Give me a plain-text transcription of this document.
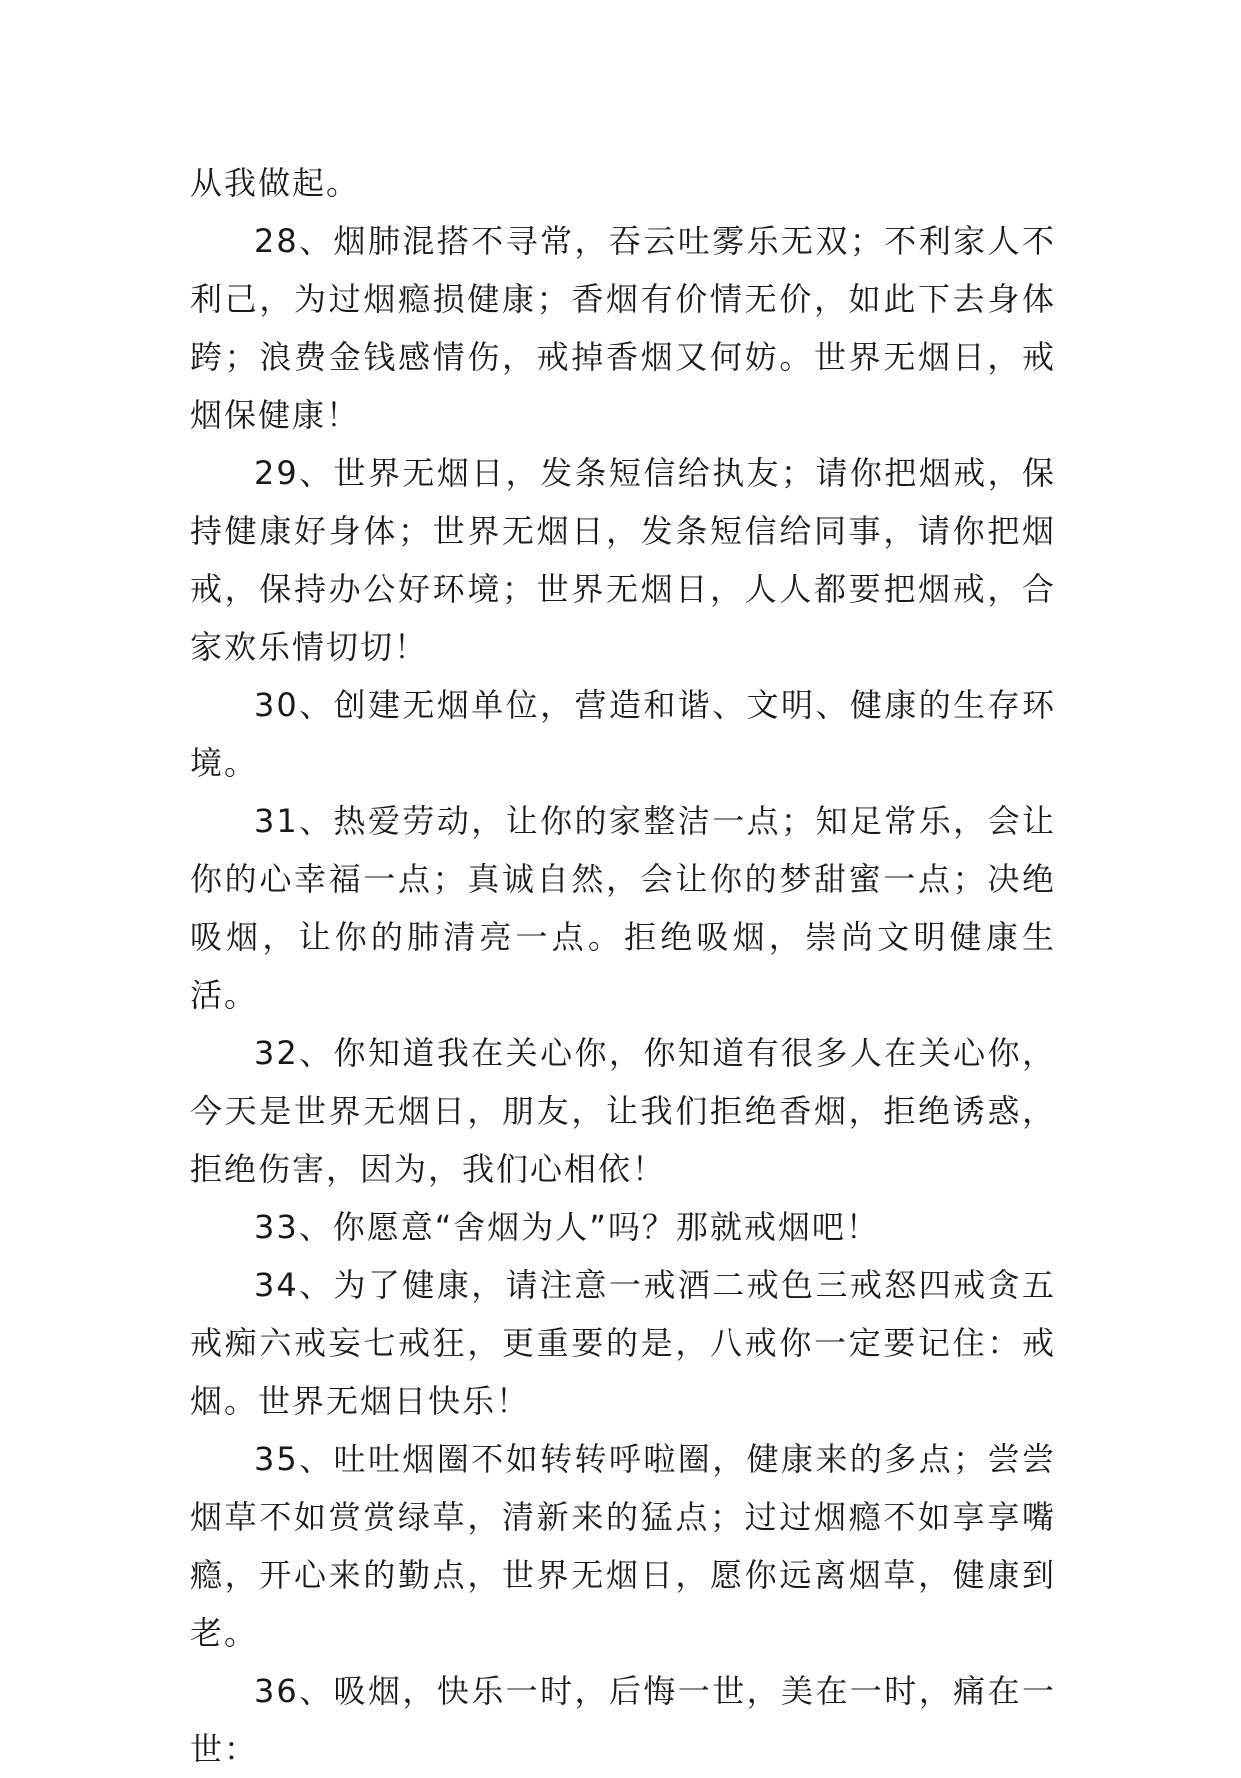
从我做起。

28、烟肺混搭不寻常，吞云吐雾乐无双；不利家人不利己，为过烟瘾损健康；香烟有价情无价，如此下去身体跨；浪费金钱感情伤，戒掉香烟又何妨。世界无烟日，戒烟保健康！

29、世界无烟日，发条短信给执友；请你把烟戒，保持健康好身体；世界无烟日，发条短信给同事，请你把烟戒，保持办公好环境；世界无烟日，人人都要把烟戒，合家欢乐情切切！

30、创建无烟单位，营造和谐、文明、健康的生存环境。

31、热爱劳动，让你的家整洁一点；知足常乐，会让你的心幸福一点；真诚自然，会让你的梦甜蜜一点；决绝吸烟，让你的肺清亮一点。拒绝吸烟，崇尚文明健康生活。

32、你知道我在关心你，你知道有很多人在关心你，今天是世界无烟日，朋友，让我们拒绝香烟，拒绝诱惑，拒绝伤害，因为，我们心相依！

33、你愿意“舍烟为人”吗？那就戒烟吧！

34、为了健康，请注意一戒酒二戒色三戒怒四戒贪五戒痴六戒妄七戒狂，更重要的是，八戒你一定要记住：戒烟。世界无烟日快乐！

35、吐吐烟圈不如转转呼啦圈，健康来的多点；尝尝烟草不如赏赏绿草，清新来的猛点；过过烟瘾不如享享嘴瘾，开心来的勤点，世界无烟日，愿你远离烟草，健康到老。

36、吸烟，快乐一时，后悔一世，美在一时，痛在一世：
